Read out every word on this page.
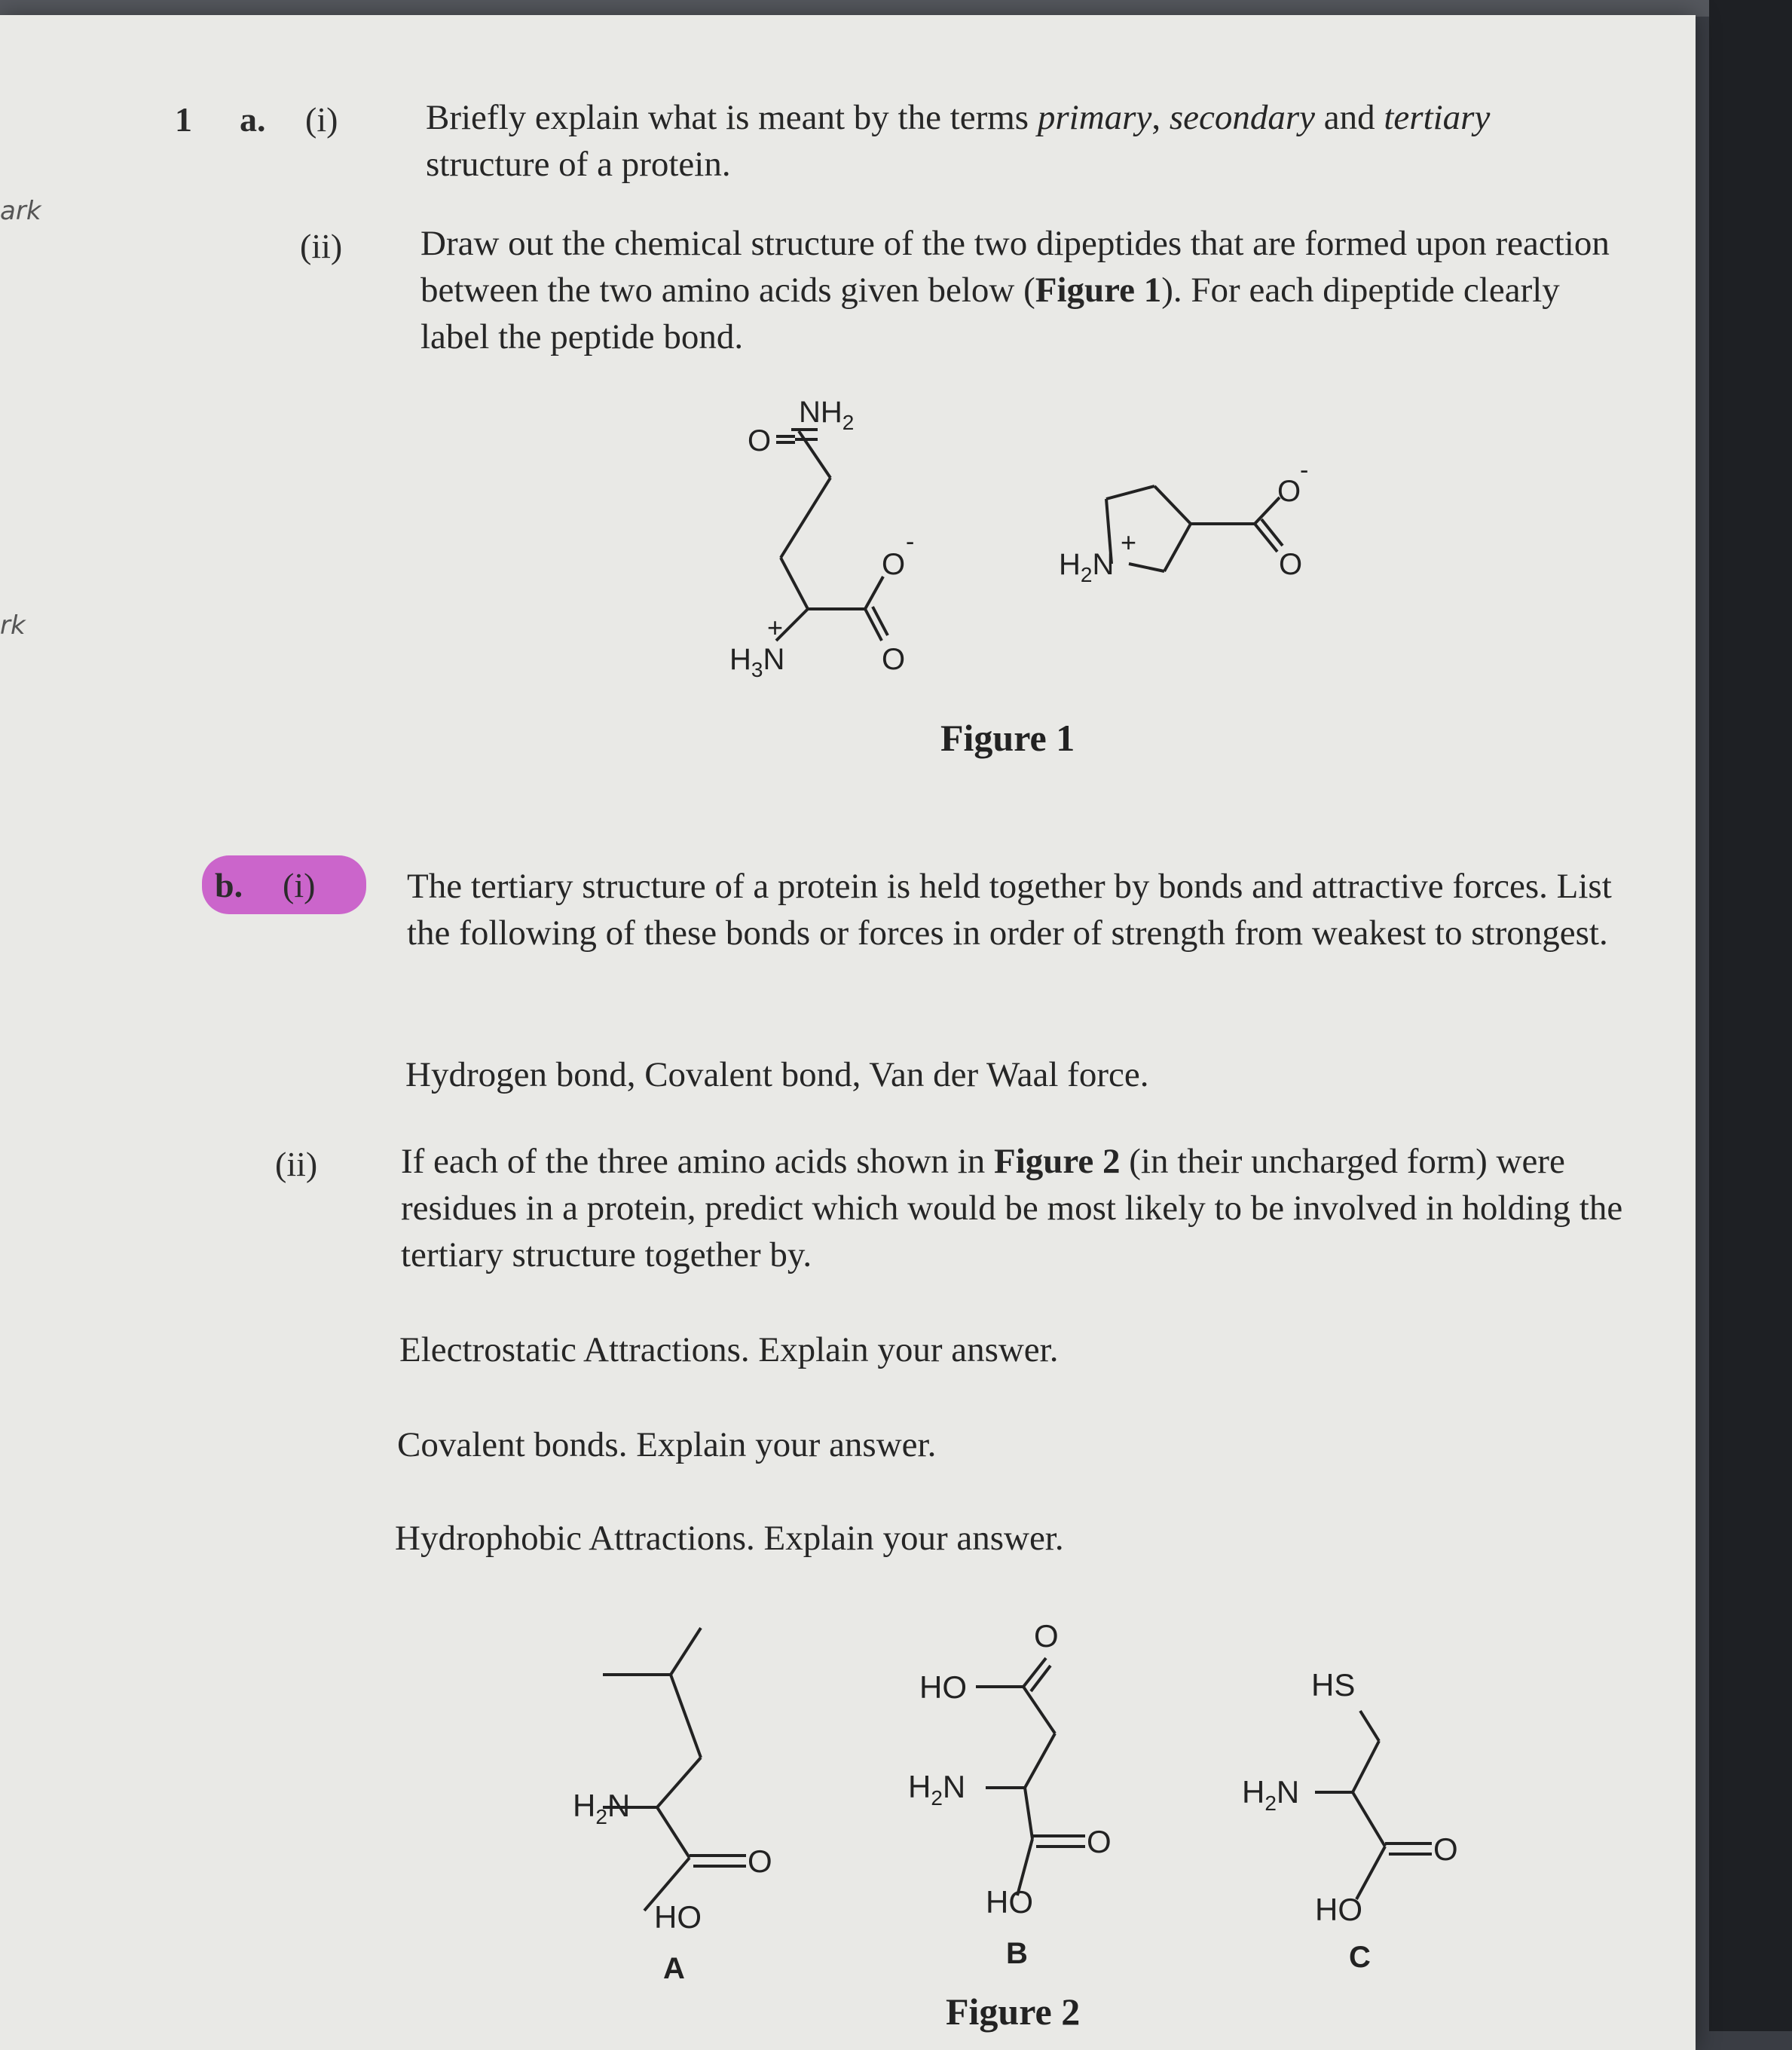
ark
rk
1 a. (i) Briefly explain what is meant by the terms primary, secondary and tertiary
structure of a protein.
(ii) Draw out the chemical structure of the two dipeptides that are formed upon reaction between the two amino acids given below (Figure 1). For each dipeptide clearly label the peptide bond.
$NH_2$
O
O
-
$H_3N$
+
O
$H_2N$
+
O
-
O
Figure 1
b. (i)	The tertiary structure of a protein is held together by bonds and attractive forces. List the following of these bonds or forces in order of strength from weakest to strongest.
Hydrogen bond, Covalent bond, Van der Waal force.
(ii) If each of the three amino acids shown in Figure 2 (in their uncharged form) were residues in a protein, predict which would be most likely to be involved in holding the tertiary structure together by.
Electrostatic Attractions. Explain your answer.
Covalent bonds. Explain your answer.
Hydrophobic Attractions. Explain your answer.
$H_2N$
O
HO
A
HO
O
$H_2N$
O
HO
B
HS
$H_2N$
O
HO
C
Figure 2
